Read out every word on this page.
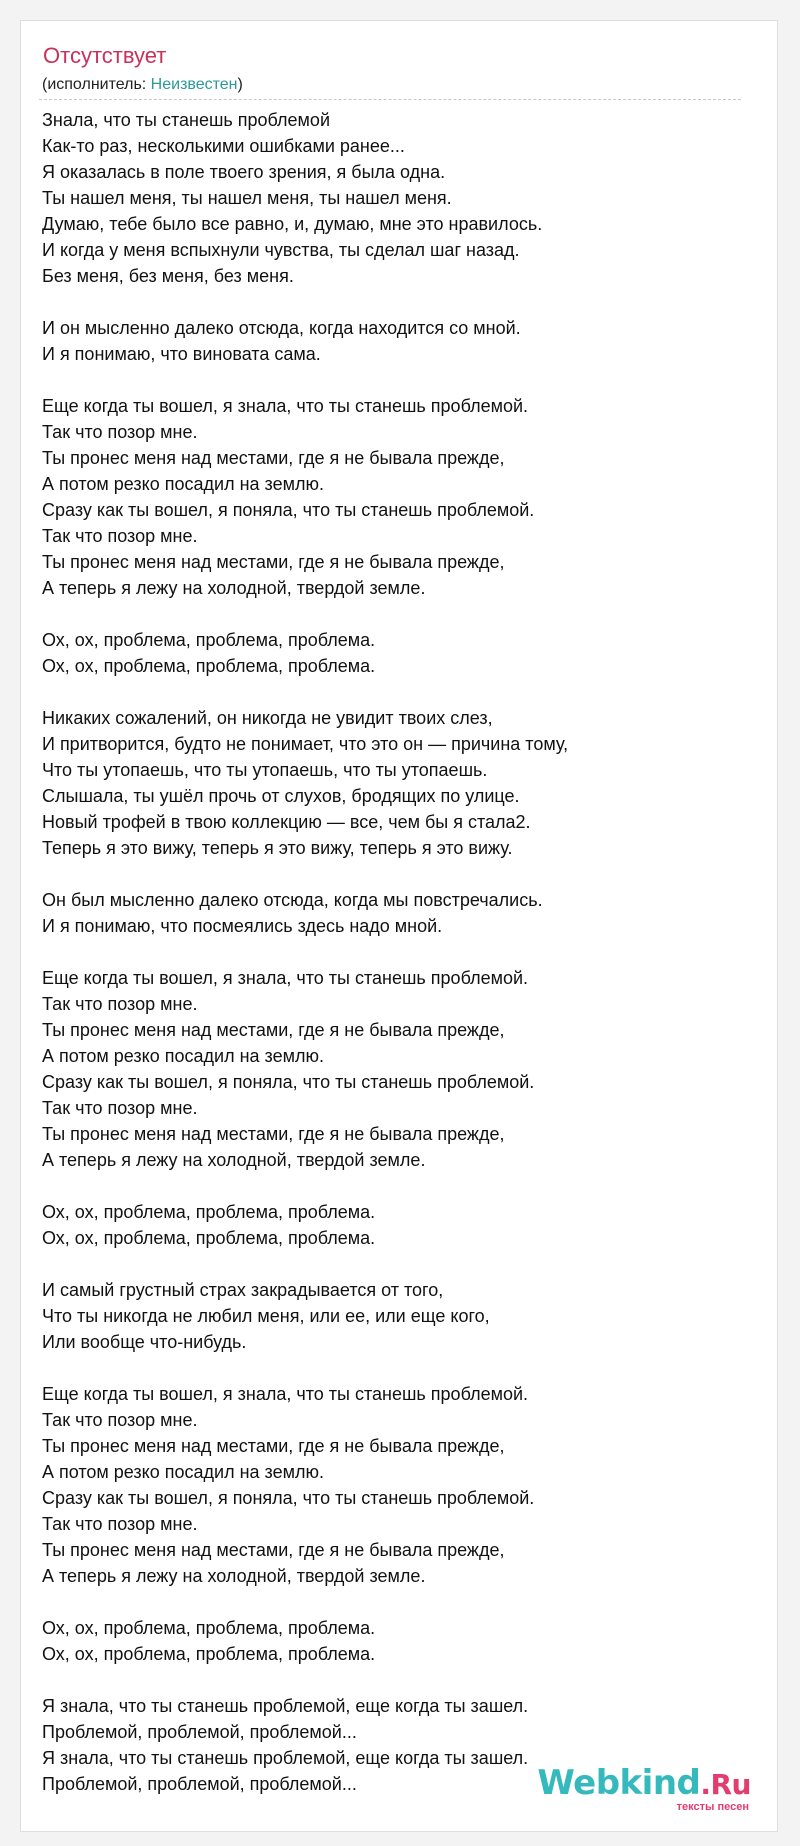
Отсутствует
(исполнитель: Неизвестен)
Знала, что ты станешь проблемой
Как-то раз, несколькими ошибками ранее...
Я оказалась в поле твоего зрения, я была одна.
Ты нашел меня, ты нашел меня, ты нашел меня.
Думаю, тебе было все равно, и, думаю, мне это нравилось.
И когда у меня вспыхнули чувства, ты сделал шаг назад.
Без меня, без меня, без меня.
И он мысленно далеко отсюда, когда находится со мной.
И я понимаю, что виновата сама.
Еще когда ты вошел, я знала, что ты станешь проблемой.
Так что позор мне.
Ты пронес меня над местами, где я не бывала прежде,
А потом резко посадил на землю.
Сразу как ты вошел, я поняла, что ты станешь проблемой.
Так что позор мне.
Ты пронес меня над местами, где я не бывала прежде,
А теперь я лежу на холодной, твердой земле.
Ох, ох, проблема, проблема, проблема.
Ох, ох, проблема, проблема, проблема.
Никаких сожалений, он никогда не увидит твоих слез,
И притворится, будто не понимает, что это он — причина тому,
Что ты утопаешь, что ты утопаешь, что ты утопаешь.
Слышала, ты ушёл прочь от слухов, бродящих по улице.
Новый трофей в твою коллекцию — все, чем бы я стала2.
Теперь я это вижу, теперь я это вижу, теперь я это вижу.
Он был мысленно далеко отсюда, когда мы повстречались.
И я понимаю, что посмеялись здесь надо мной.
Еще когда ты вошел, я знала, что ты станешь проблемой.
Так что позор мне.
Ты пронес меня над местами, где я не бывала прежде,
А потом резко посадил на землю.
Сразу как ты вошел, я поняла, что ты станешь проблемой.
Так что позор мне.
Ты пронес меня над местами, где я не бывала прежде,
А теперь я лежу на холодной, твердой земле.
Ох, ох, проблема, проблема, проблема.
Ох, ох, проблема, проблема, проблема.
И самый грустный страх закрадывается от того,
Что ты никогда не любил меня, или ее, или еще кого,
Или вообще что-нибудь.
Еще когда ты вошел, я знала, что ты станешь проблемой.
Так что позор мне.
Ты пронес меня над местами, где я не бывала прежде,
А потом резко посадил на землю.
Сразу как ты вошел, я поняла, что ты станешь проблемой.
Так что позор мне.
Ты пронес меня над местами, где я не бывала прежде,
А теперь я лежу на холодной, твердой земле.
Ох, ох, проблема, проблема, проблема.
Ох, ох, проблема, проблема, проблема.
Я знала, что ты станешь проблемой, еще когда ты зашел.
Проблемой, проблемой, проблемой...
Я знала, что ты станешь проблемой, еще когда ты зашел.
Проблемой, проблемой, проблемой...	Webkind.Ru
тексты песен
